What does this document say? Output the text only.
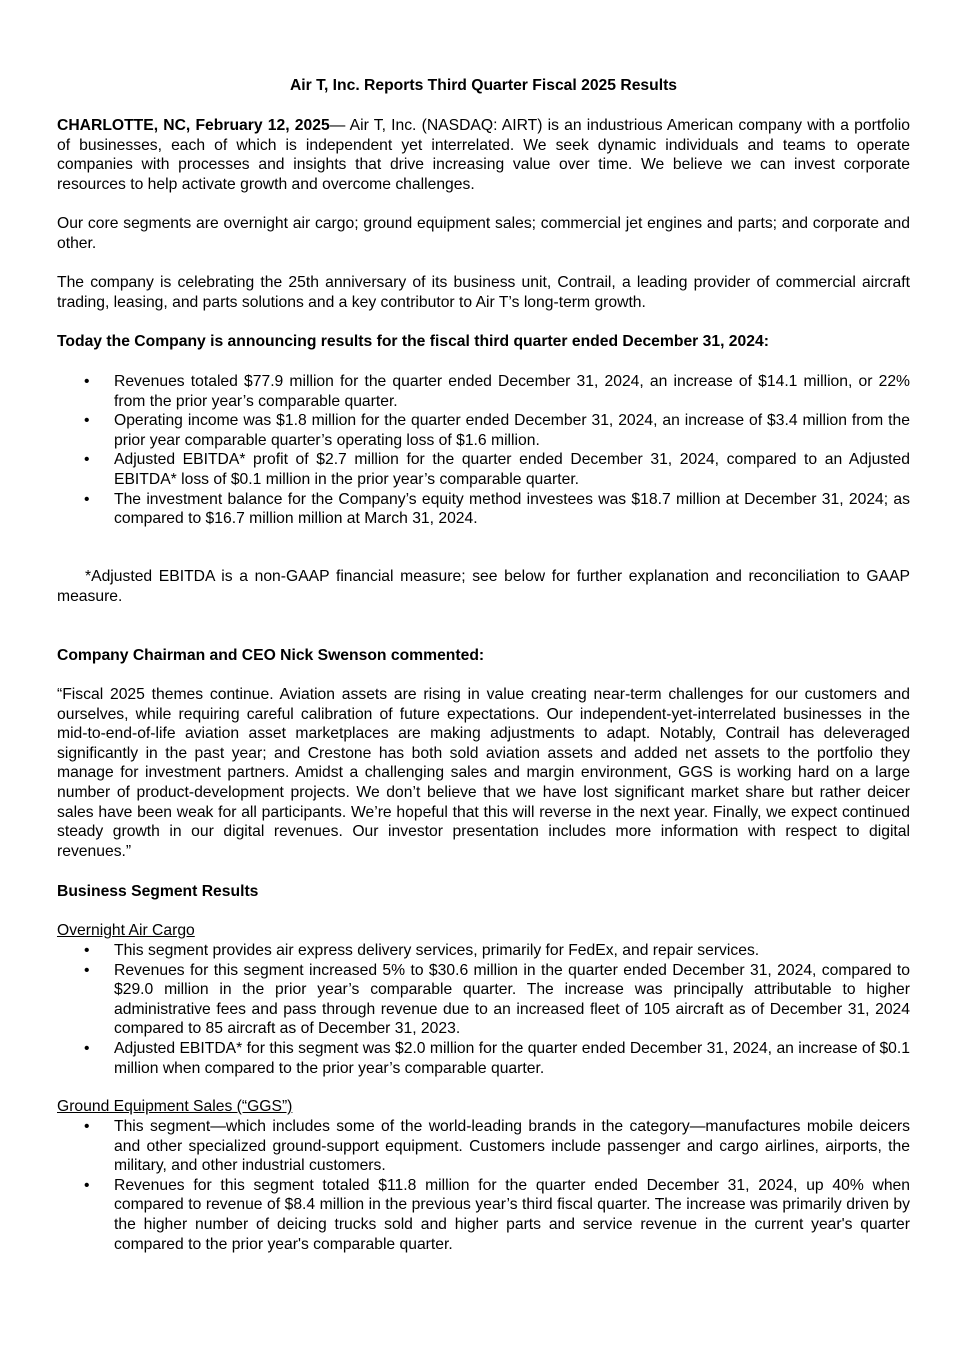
Air T, Inc. Reports Third Quarter Fiscal 2025 Results

CHARLOTTE, NC, February 12, 2025— Air T, Inc. (NASDAQ: AIRT) is an industrious American company with a portfolio of businesses, each of which is independent yet interrelated. We seek dynamic individuals and teams to operate companies with processes and insights that drive increasing value over time. We believe we can invest corporate resources to help activate growth and overcome challenges.

Our core segments are overnight air cargo; ground equipment sales; commercial jet engines and parts; and corporate and other.

The company is celebrating the 25th anniversary of its business unit, Contrail, a leading provider of commercial aircraft trading, leasing, and parts solutions and a key contributor to Air T’s long-term growth.

Today the Company is announcing results for the fiscal third quarter ended December 31, 2024:

• Revenues totaled $77.9 million for the quarter ended December 31, 2024, an increase of $14.1 million, or 22% from the prior year’s comparable quarter.
• Operating income was $1.8 million for the quarter ended December 31, 2024, an increase of $3.4 million from the prior year comparable quarter’s operating loss of $1.6 million.
• Adjusted EBITDA* profit of $2.7 million for the quarter ended December 31, 2024, compared to an Adjusted EBITDA* loss of $0.1 million in the prior year’s comparable quarter.
• The investment balance for the Company’s equity method investees was $18.7 million at December 31, 2024; as compared to $16.7 million million at March 31, 2024.

*Adjusted EBITDA is a non-GAAP financial measure; see below for further explanation and reconciliation to GAAP measure.

Company Chairman and CEO Nick Swenson commented:

“Fiscal 2025 themes continue. Aviation assets are rising in value creating near-term challenges for our customers and ourselves, while requiring careful calibration of future expectations. Our independent-yet-interrelated businesses in the mid-to-end-of-life aviation asset marketplaces are making adjustments to adapt. Notably, Contrail has deleveraged significantly in the past year; and Crestone has both sold aviation assets and added net assets to the portfolio they manage for investment partners. Amidst a challenging sales and margin environment, GGS is working hard on a large number of product-development projects. We don’t believe that we have lost significant market share but rather deicer sales have been weak for all participants. We’re hopeful that this will reverse in the next year. Finally, we expect continued steady growth in our digital revenues. Our investor presentation includes more information with respect to digital revenues.”

Business Segment Results

Overnight Air Cargo

• This segment provides air express delivery services, primarily for FedEx, and repair services.
• Revenues for this segment increased 5% to $30.6 million in the quarter ended December 31, 2024, compared to $29.0 million in the prior year’s comparable quarter. The increase was principally attributable to higher administrative fees and pass through revenue due to an increased fleet of 105 aircraft as of December 31, 2024 compared to 85 aircraft as of December 31, 2023.
• Adjusted EBITDA* for this segment was $2.0 million for the quarter ended December 31, 2024, an increase of $0.1 million when compared to the prior year’s comparable quarter.

Ground Equipment Sales (“GGS”)

• This segment—which includes some of the world-leading brands in the category—manufactures mobile deicers and other specialized ground-support equipment. Customers include passenger and cargo airlines, airports, the military, and other industrial customers.
• Revenues for this segment totaled $11.8 million for the quarter ended December 31, 2024, up 40% when compared to revenue of $8.4 million in the previous year’s third fiscal quarter. The increase was primarily driven by the higher number of deicing trucks sold and higher parts and service revenue in the current year's quarter compared to the prior year's comparable quarter.
